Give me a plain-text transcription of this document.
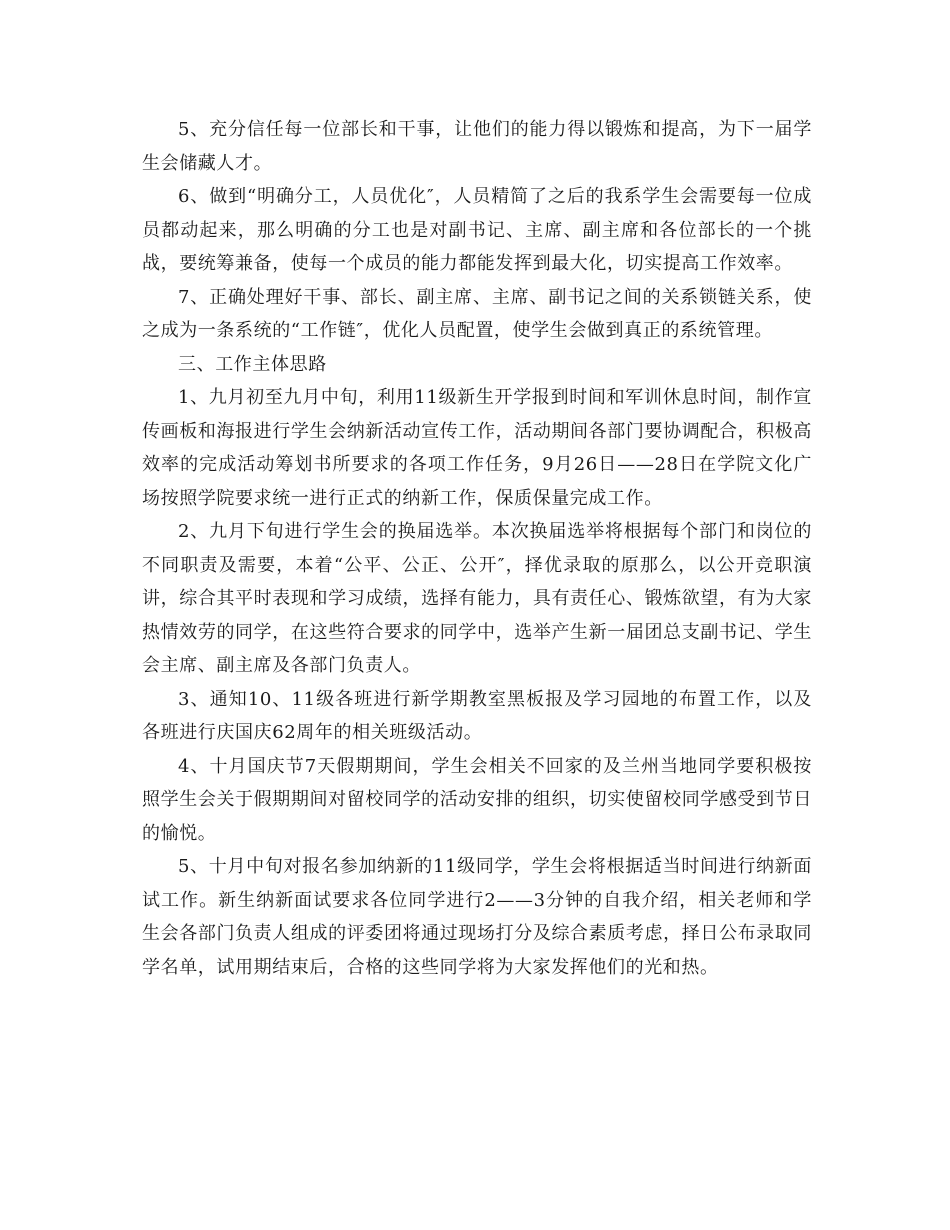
5、充分信任每一位部长和干事，让他们的能力得以锻炼和提高，为下一届学生会储藏人才。

6、做到“明确分工，人员优化″，人员精简了之后的我系学生会需要每一位成员都动起来，那么明确的分工也是对副书记、主席、副主席和各位部长的一个挑战，要统筹兼备，使每一个成员的能力都能发挥到最大化，切实提高工作效率。

7、正确处理好干事、部长、副主席、主席、副书记之间的关系锁链关系，使之成为一条系统的“工作链″，优化人员配置，使学生会做到真正的系统管理。

三、工作主体思路

1、九月初至九月中旬，利用11级新生开学报到时间和军训休息时间，制作宣传画板和海报进行学生会纳新活动宣传工作，活动期间各部门要协调配合，积极高效率的完成活动筹划书所要求的各项工作任务，9月26日——28日在学院文化广场按照学院要求统一进行正式的纳新工作，保质保量完成工作。

2、九月下旬进行学生会的换届选举。本次换届选举将根据每个部门和岗位的不同职责及需要，本着“公平、公正、公开″，择优录取的原那么，以公开竞职演讲，综合其平时表现和学习成绩，选择有能力，具有责任心、锻炼欲望，有为大家热情效劳的同学，在这些符合要求的同学中，选举产生新一届团总支副书记、学生会主席、副主席及各部门负责人。

3、通知10、11级各班进行新学期教室黑板报及学习园地的布置工作，以及各班进行庆国庆62周年的相关班级活动。

4、十月国庆节7天假期期间，学生会相关不回家的及兰州当地同学要积极按照学生会关于假期期间对留校同学的活动安排的组织，切实使留校同学感受到节日的愉悦。

5、十月中旬对报名参加纳新的11级同学，学生会将根据适当时间进行纳新面试工作。新生纳新面试要求各位同学进行2——3分钟的自我介绍，相关老师和学生会各部门负责人组成的评委团将通过现场打分及综合素质考虑，择日公布录取同学名单，试用期结束后，合格的这些同学将为大家发挥他们的光和热。
